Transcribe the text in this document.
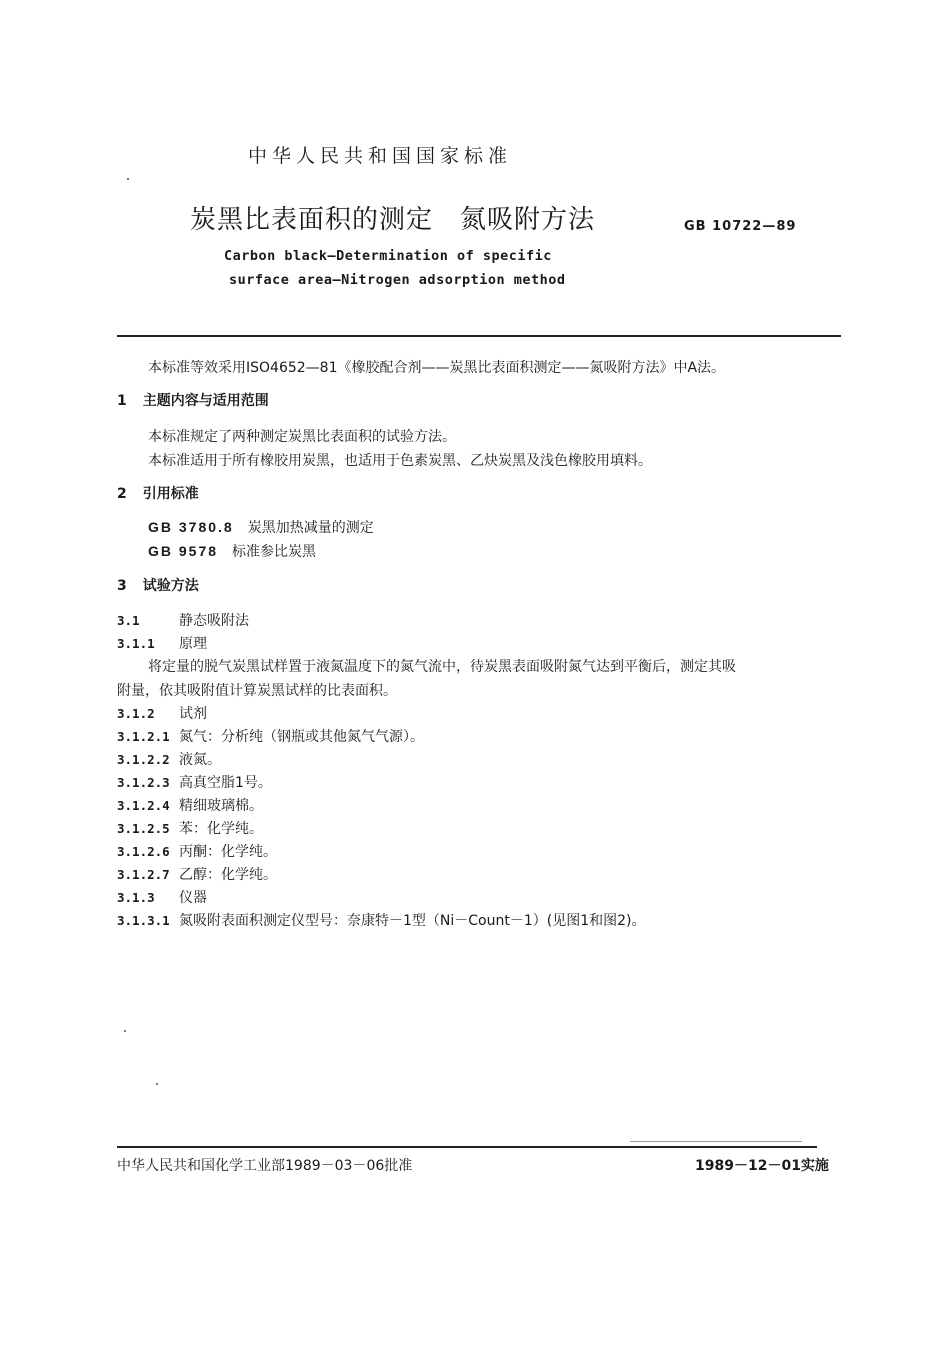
中华人民共和国国家标准
炭黑比表面积的测定　氮吸附方法	GB 10722—89
Carbon black—Determination of specific
surface area—Nitrogen adsorption method
本标准等效采用ISO4652—81《橡胶配合剂——炭黑比表面积测定——氮吸附方法》中A法。
1 主题内容与适用范围
本标准规定了两种测定炭黑比表面积的试验方法。
本标准适用于所有橡胶用炭黑，也适用于色素炭黑、乙炔炭黑及浅色橡胶用填料。
2 引用标准
GB 3780.8 炭黑加热减量的测定
GB 9578 标准参比炭黑
3 试验方法
3.1	静态吸附法
3.1.1 原理
将定量的脱气炭黑试样置于液氮温度下的氮气流中，待炭黑表面吸附氮气达到平衡后，测定其吸
附量，依其吸附值计算炭黑试样的比表面积。
3.1.2 试剂
3.1.2.1 氮气：分析纯（钢瓶或其他氮气气源）。
3.1.2.2 液氮。
3.1.2.3 高真空脂1号。
3.1.2.4 精细玻璃棉。
3.1.2.5 苯：化学纯。
3.1.2.6 丙酮：化学纯。
3.1.2.7 乙醇：化学纯。
3.1.3 仪器
3.1.3.1 氮吸附表面积测定仪型号：奈康特－1型（Ni－Count－1）(见图1和图2)。
中华人民共和国化学工业部1989－03－06批准	1989－12－01实施
